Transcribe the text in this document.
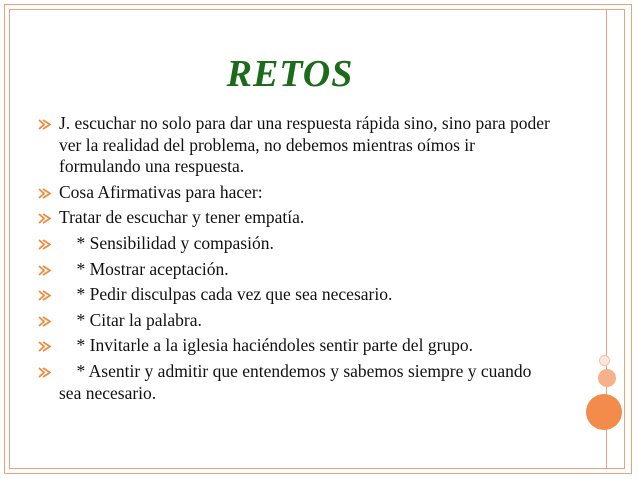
RETOS
J. escuchar no solo para dar una respuesta rápida sino, sino para poder ver la realidad del problema, no debemos mientras oímos ir formulando una respuesta.
Cosa Afirmativas para hacer:
Tratar de escuchar y tener empatía.
* Sensibilidad y compasión.
* Mostrar aceptación.
* Pedir disculpas cada vez que sea necesario.
* Citar la palabra.
* Invitarle a la iglesia haciéndoles sentir parte del grupo.
* Asentir y admitir que entendemos y sabemos siempre y cuando sea necesario.
